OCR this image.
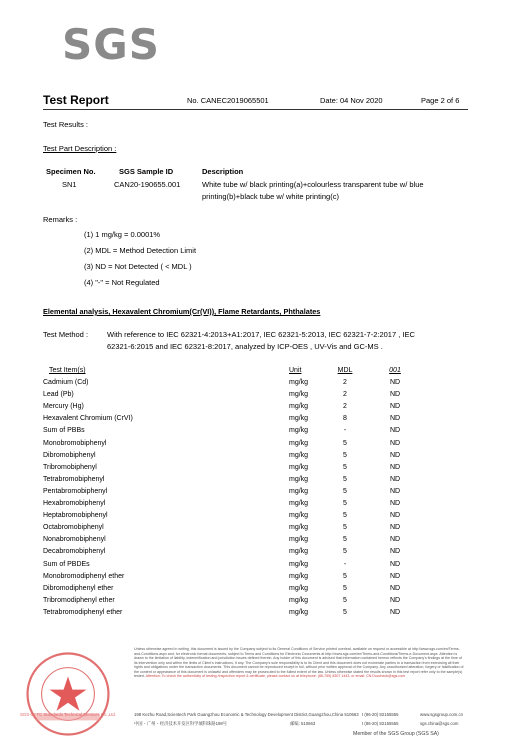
SGS
Test Report	No. CANEC2019065501	Date: 04 Nov 2020	Page 2 of 6
Test Results :
Test Part Description :
Specimen No.	SGS Sample ID	Description
SN1	CAN20-190655.001	White tube w/ black printing(a)+colourless transparent tube w/ blue
printing(b)+black tube w/ white printing(c)
Remarks :
(1) 1 mg/kg = 0.0001%
(2) MDL = Method Detection Limit
(3) ND = Not Detected ( < MDL )
(4) "-" = Not Regulated
Elemental analysis, Hexavalent Chromium(Cr(VI)), Flame Retardants, Phthalates
Test Method :	With reference to IEC 62321-4:2013+A1:2017, IEC 62321-5:2013, IEC 62321-7-2:2017 , IEC
62321-6:2015 and IEC 62321-8:2017, analyzed by ICP-OES , UV-Vis and GC-MS .
Test Item(s)	Unit	MDL	001
Cadmium (Cd)	mg/kg	2	ND
Lead (Pb)	mg/kg	2	ND
Mercury (Hg)	mg/kg	2	ND
Hexavalent Chromium (CrVI)	mg/kg	8	ND
Sum of PBBs	mg/kg	-	ND
Monobromobiphenyl	mg/kg	5	ND
Dibromobiphenyl	mg/kg	5	ND
Tribromobiphenyl	mg/kg	5	ND
Tetrabromobiphenyl	mg/kg	5	ND
Pentabromobiphenyl	mg/kg	5	ND
Hexabromobiphenyl	mg/kg	5	ND
Heptabromobiphenyl	mg/kg	5	ND
Octabromobiphenyl	mg/kg	5	ND
Nonabromobiphenyl	mg/kg	5	ND
Decabromobiphenyl	mg/kg	5	ND
Sum of PBDEs	mg/kg	-	ND
Monobromodiphenyl ether	mg/kg	5	ND
Dibromodiphenyl ether	mg/kg	5	ND
Tribromodiphenyl ether	mg/kg	5	ND
Tetrabromodiphenyl ether	mg/kg	5	ND
SGS-CSTC Standards Technical Services Co.,Ltd.
Unless otherwise agreed in writing, this document is issued by the Company subject to its General Conditions of Service printed overleaf, available on request or accessible at http://www.sgs.com/en/Terms-and-Conditions.aspx and, for electronic format documents, subject to Terms and Conditions for Electronic Documents at http://www.sgs.com/en/Terms-and-Conditions/Terms-e-Document.aspx. Attention is drawn to the limitation of liability, indemnification and jurisdiction issues defined therein. Any holder of this document is advised that information contained hereon reflects the Company's findings at the time of its intervention only and within the limits of Client's instructions, if any. The Company's sole responsibility is to its Client and this document does not exonerate parties to a transaction from exercising all their rights and obligations under the transaction documents. This document cannot be reproduced except in full, without prior written approval of the Company. Any unauthorized alteration, forgery or falsification of the content or appearance of this document is unlawful and offenders may be prosecuted to the fullest extent of the law. Unless otherwise stated the results shown in this test report refer only to the sample(s) tested. Attention: To check the authenticity of testing /inspection report & certificate, please contact us at telephone: (86-755) 8307 1443, or email: CN.Doccheck@sgs.com
198 Kezhu Road,Scientech Park Guangzhou Economic & Technology Development District,Guangzhou,China 510663
中国・广州・经济技术开发区科学城科珠路198号	邮编: 510663
t (86-20) 82155555
t (86-20) 82155555
www.sgsgroup.com.cn
sgs.china@sgs.com
Member of the SGS Group (SGS SA)
